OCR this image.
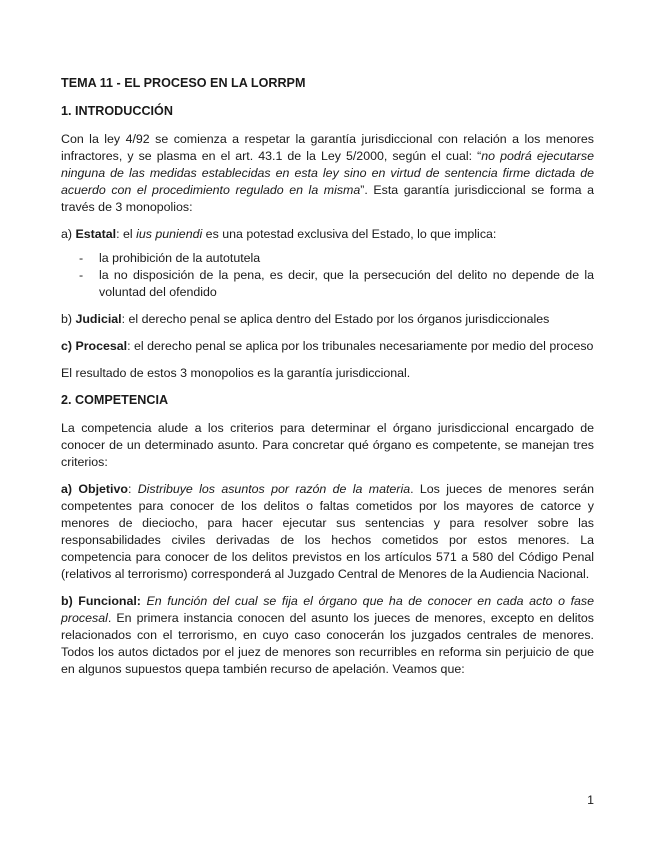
TEMA 11 - EL PROCESO EN LA LORRPM
1. INTRODUCCIÓN

Con la ley 4/92 se comienza a respetar la garantía jurisdiccional con relación a los menores infractores, y se plasma en el art. 43.1 de la Ley 5/2000, según el cual: “no podrá ejecutarse ninguna de las medidas establecidas en esta ley sino en virtud de sentencia firme dictada de acuerdo con el procedimiento regulado en la misma”. Esta garantía jurisdiccional se forma a través de 3 monopolios:

a) Estatal: el ius puniendi es una potestad exclusiva del Estado, lo que implica:
- la prohibición de la autotutela
- la no disposición de la pena, es decir, que la persecución del delito no depende de la voluntad del ofendido
b) Judicial: el derecho penal se aplica dentro del Estado por los órganos jurisdiccionales
c) Procesal: el derecho penal se aplica por los tribunales necesariamente por medio del proceso

El resultado de estos 3 monopolios es la garantía jurisdiccional.

2. COMPETENCIA

La competencia alude a los criterios para determinar el órgano jurisdiccional encargado de conocer de un determinado asunto. Para concretar qué órgano es competente, se manejan tres criterios:

a) Objetivo: Distribuye los asuntos por razón de la materia. Los jueces de menores serán competentes para conocer de los delitos o faltas cometidos por los mayores de catorce y menores de dieciocho, para hacer ejecutar sus sentencias y para resolver sobre las responsabilidades civiles derivadas de los hechos cometidos por estos menores. La competencia para conocer de los delitos previstos en los artículos 571 a 580 del Código Penal (relativos al terrorismo) corresponderá al Juzgado Central de Menores de la Audiencia Nacional.

b) Funcional: En función del cual se fija el órgano que ha de conocer en cada acto o fase procesal. En primera instancia conocen del asunto los jueces de menores, excepto en delitos relacionados con el terrorismo, en cuyo caso conocerán los juzgados centrales de menores. Todos los autos dictados por el juez de menores son recurribles en reforma sin perjuicio de que en algunos supuestos quepa también recurso de apelación. Veamos que:

1
